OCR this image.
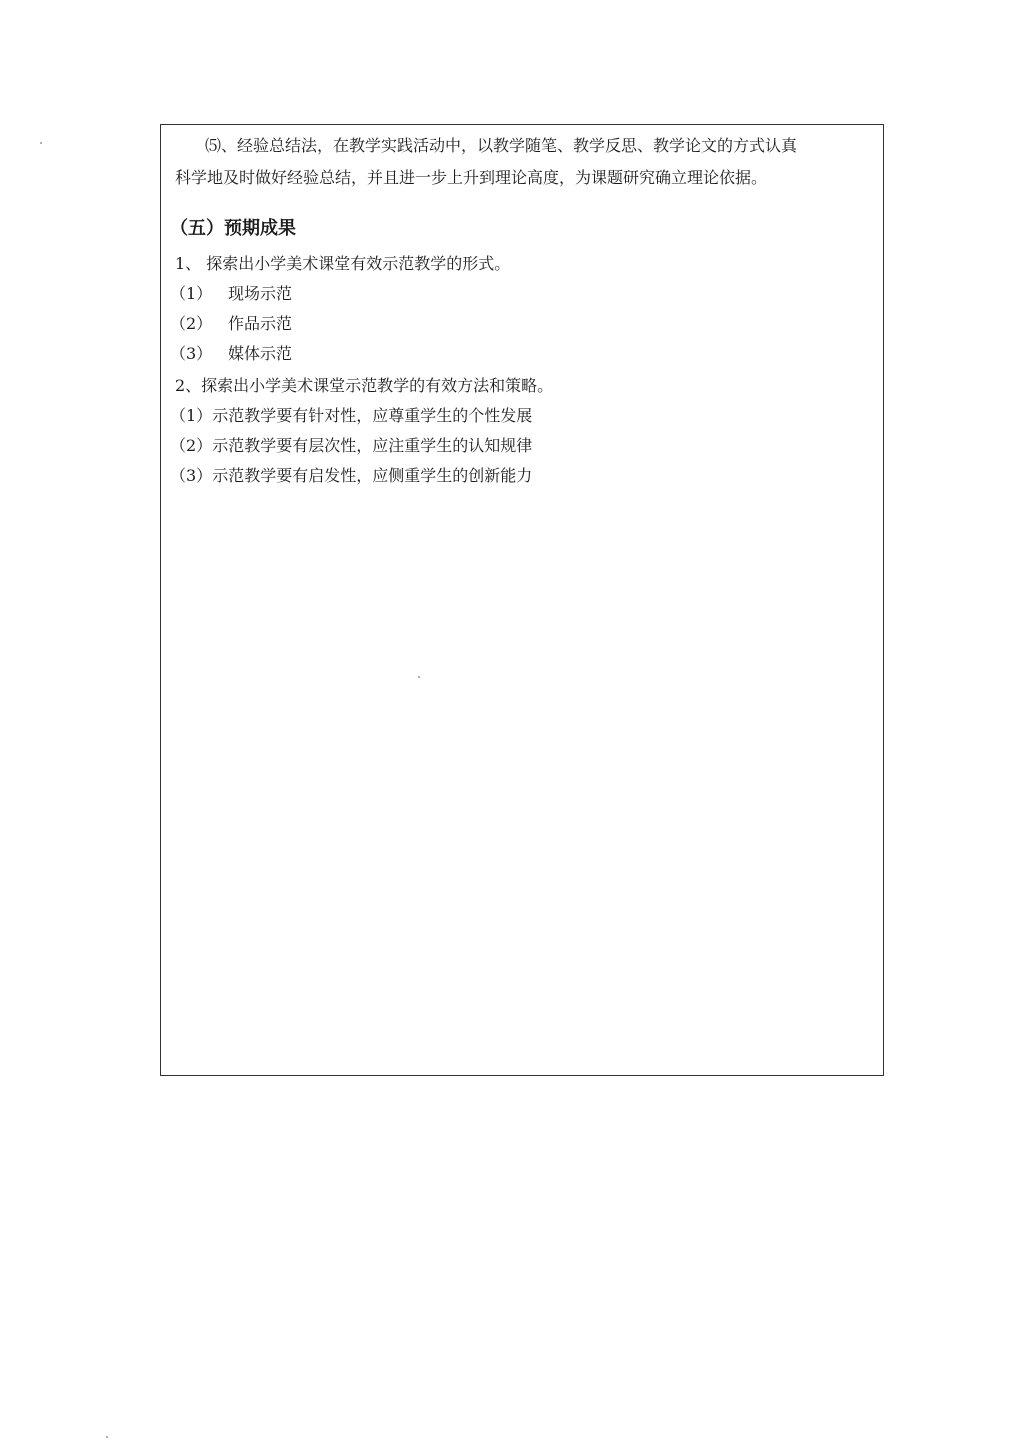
⑸、经验总结法，在教学实践活动中，以教学随笔、教学反思、教学论文的方式认真
科学地及时做好经验总结，并且进一步上升到理论高度，为课题研究确立理论依据。
（五）预期成果
1、 探索出小学美术课堂有效示范教学的形式。
（1） 现场示范
（2） 作品示范
（3） 媒体示范
2、探索出小学美术课堂示范教学的有效方法和策略。
（1）示范教学要有针对性，应尊重学生的个性发展
（2）示范教学要有层次性，应注重学生的认知规律
（3）示范教学要有启发性，应侧重学生的创新能力
